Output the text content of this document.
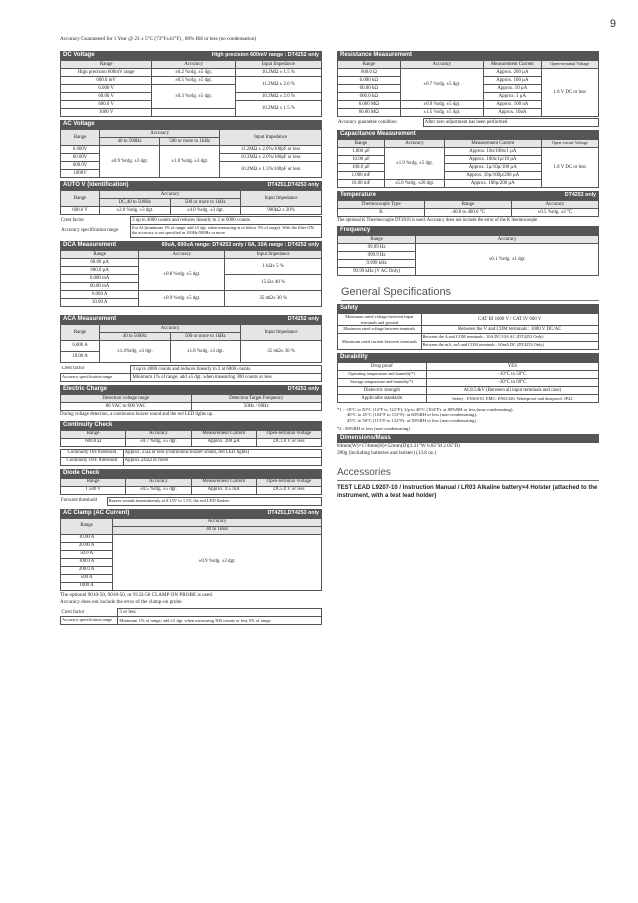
9
Accuracy Guaranteed for 1 Year @ 23 ± 5°C (73°F±41°F) , 80% RH or less (no condensation)
DC Voltage	High precision 600mV range : DT4252 only
Range	Accuracy	Input Impedance
High precision 600mV range	±0.2 %rdg. ±5 dgt.	10.2MΩ ± 1.5 %
600.0 mV	±0.5 %rdg. ±5 dgt.	11.2MΩ ± 2.0 %
6.000 V	±0.3 %rdg. ±5 dgt.	
60.00 V		10.3MΩ ± 2.0 %
600.0 V		10.2MΩ ± 1.5 %
1000 V	
AC Voltage
Range	Accuracy		Input Impedance
	40 to 500Hz	500 or more to 1kHz	
6.000V	±0.9 %rdg. ±3 dgt.	±1.8 %rdg. ±3 dgt.	11.2MΩ ± 2.0%/100pF or less
60.00V			10.3MΩ ± 2.0%/100pF or less
600.0V			10.2MΩ ± 1.5%/100pF or less
1000V			
AUTO V (Identification)	DT4251,DT4253 only
Range	Accuracy		Input Impedance
	DC,40 to 500Hz	500 or more to 1kHz	
600.0 V	±2.0 %rdg. ±3 dgt.	±4.0 %rdg. ±3 dgt.	900kΩ ± 20%
Crest factor	3 up to 4000 counts and reduces linearly to 2 at 6000 counts.
Accuracy specification range	For AC(minimum 1% of range; add ±5 dgt. when measuring at or below 5% of range). With the filter ON, the accuracy is not specified in 100Hz/500Hz or more
DCA Measurement	60uA, 600uA range: DT4253 only / 6A, 10A range : DT4252 only
Range	Accuracy	Input Impedance
60.00 µA	±0.8 %rdg. ±5 dgt.	1 kΩ± 5 %
600.0 µA		
6.000 mA		15 Ω± 40 %
60.00 mA		
6.000 A	±0.9 %rdg. ±5 dgt.	35 mΩ± 30 %
10.00 A		
ACA Measurement	DT4252 only
Range	Accuracy		Input Impedance
	40 to 500Hz	500 or more to 1kHz	
6.000 A	±1.4%rdg. ±3 dgt.	±1.8 %rdg. ±3 dgt.	35 mΩ± 30 %
10.00 A			
Crest factor	3 up to 4000 counts and reduces linearly to 2 at 6000 counts.
Accuracy specification range	Minimum 1% of range; add ±5 dgt. when measuring 300 counts or less
Electric Charge	DT4251 only
Detection voltage range	Detection Target Frequency
80 VAC to 600 VAC	50Hz / 60Hz
During voltage detection, a continuous buzzer sound and the red LED lights up.
Continuity Check
Range	Accuracy	Measurement Current	Open-terminal Voltage
600.0 Ω	±0.7 %rdg. ±5 dgt.	Approx. 200 µA	DC1.8 V or less
Continuity ON threshold	Approx. 25Ω or less (continuous buzzer sound, red LED lights)
Continuity OFF threshold	Approx.245Ω or more
Diode Check
Range	Accuracy	Measurement Current	Open-terminal Voltage
1.500 V	±0.5 %rdg. ±5 dgt.	Approx. 0.5 mA	DC5.0 V or less
Forward threshold	Buzzer sounds intermittently at 0.15V to 1.5V, the red LED flashes
AC Clamp (AC Current)	DT4251,DT4253 only
Range	Accuracy
	40 to 1kHz
10.00 A	±0.9 %rdg. ±3 dgt.
20.00 A	
50.0 A	
100.0 A	
200.0 A	
500 A	
1000 A	
The optional 9010-50, 9018-50, or 9132-50 CLAMP ON PROBE is used.
Accuracy does not include the error of the clamp-on probe.
Crest factor	3 or less
Accuracy specification range	Minimum 1% of range; add ±5 dgt. when measuring 300 counts or less 5% of range
Resistance Measurement
Range	Accuracy	Measurement Current	Open-terminal Voltage
600.0 Ω	±0.7 %rdg. ±5 dgt.	Approx. 200 µA	1.8 V DC or less
6.000 kΩ		Approx. 100 µA	
60.00 kΩ		Approx. 10 µA	
600.0 kΩ		Approx. 1 µA	
6.000 MΩ	±0.9 %rdg. ±5 dgt.	Approx. 100 nA	
60.00 MΩ	±1.5 %rdg. ±5 dgt.	Approx. 10nA	
Accuracy guarantee condition	After zero adjustment has been performed
Capacitance Measurement
Range	Accuracy	Measurement Current	Open-circuit Voltage
1.000 µF	±1.9 %rdg. ±5 dgt.	Approx. 10n/100n/1 µA	1.8 V DC or less
10.00 µF		Approx. 100n/1µ/10 µA	
100.0 µF		Approx. 1µ/10µ/100 µA	
1.000 mF		Approx. 10µ/100µ/200 µA	
10.00 mF	±5.0 %rdg. ±20 dgt.	Approx. 100µ/200 µA	
Temperature	DT4253 only
Thermocouple Type	Range	Accuracy
K	-40.0 to 400.0 °C	±0.5 %rdg. ±2 °C
The optional K Thermocouple DT4910 is used. Accuracy does not include the error of the K thermocouple
Frequency
Range	Accuracy
99.99 Hz	±0.1 %rdg. ±1 dgt.
999.9 Hz	
9.999 kHz	
99.99 kHz (V AC Only)	
General Specifications
Safety
Maximum rated voltage between input terminals and ground	CAT III 1000 V / CAT IV 600 V
Maximum rated voltage between terminals	Between the V and COM terminals : 1000 V DC/AC
Maximum rated current between terminals	Between the A and COM terminals : 10A DC/10A AC (DT4252 Only)
	Between the mA, mA and COM terminals : 60mA DC (DT4253 Only)
Durability
Drop proof	YES
Operating temperature and humidity*1	-10°C to 50°C
Storage temperature and humidity*2	-30°C to 60°C
Dielectric strength	AC8.54kV (Between all input terminals and case)
Applicable standards	Safety : EN61010, EMC: EN61326, Waterproof and dustproof: IP42
*1 : -10°C to 50°C (14°F to 122°F); Up to 40°C (104°F): at 80%RH or less (non-condensating),
40°C to 45°C (104°F to 113°F): at 60%RH or less (non-condensating),
45°C to 50°C (113°F to 122°F): at 50%RH or less (non-condensating)
*2 : 80%RH or less (non-condensating)
Dimensions/Mass
84mm(W)×174mm(H)×52mm(D)(3.31"W 6.85"H 2.05"D)
390g (including batteries and holster) (13.8 oz.)
Accessories
TEST LEAD L9207-10 / Instruction Manual / LR03 Alkaline battery×4 Holster (attached to the instrument, with a test lead holder)
